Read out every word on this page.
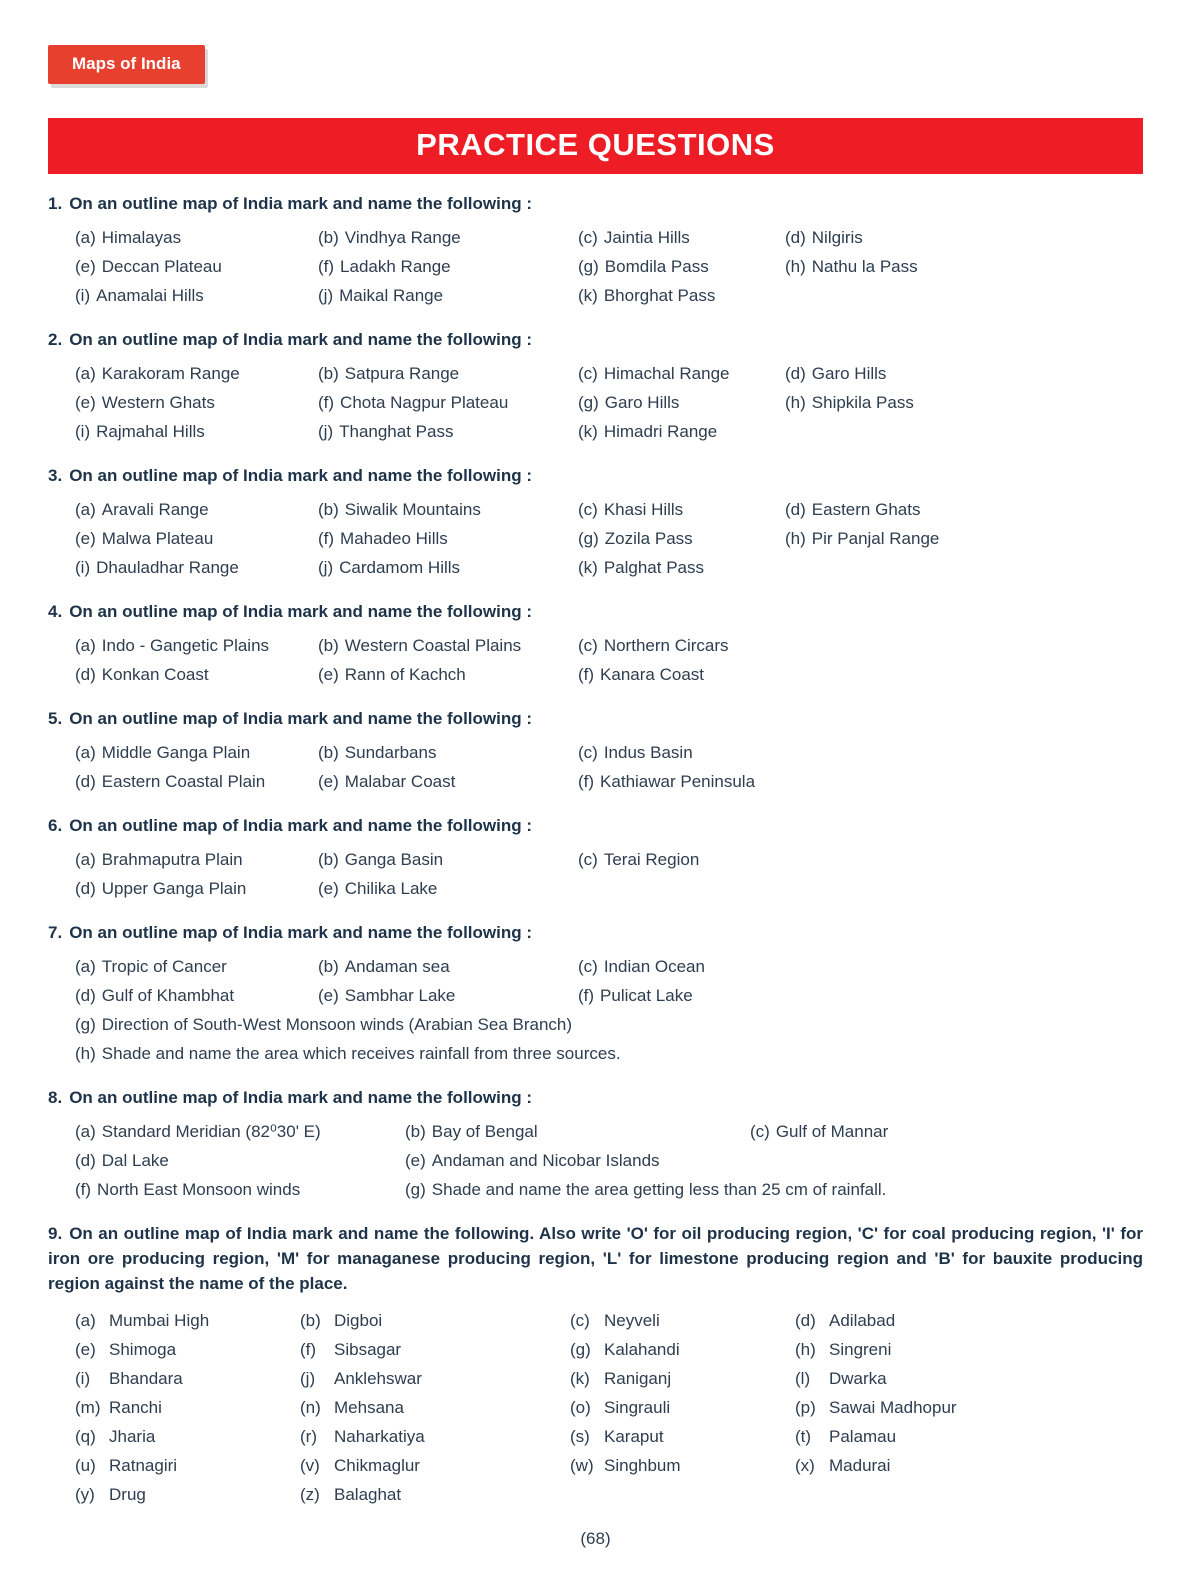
Maps of India
PRACTICE QUESTIONS
1. On an outline map of India mark and name the following :
(a) Himalayas	(b) Vindhya Range	(c) Jaintia Hills	(d) Nilgiris
(e) Deccan Plateau	(f) Ladakh Range	(g) Bomdila Pass	(h) Nathu la Pass
(i) Anamalai Hills	(j) Maikal Range	(k) Bhorghat Pass
2. On an outline map of India mark and name the following :
(a) Karakoram Range	(b) Satpura Range	(c) Himachal Range	(d) Garo Hills
(e) Western Ghats	(f) Chota Nagpur Plateau	(g) Garo Hills	(h) Shipkila Pass
(i) Rajmahal Hills	(j) Thanghat Pass	(k) Himadri Range
3. On an outline map of India mark and name the following :
(a) Aravali Range	(b) Siwalik Mountains	(c) Khasi Hills	(d) Eastern Ghats
(e) Malwa Plateau	(f) Mahadeo Hills	(g) Zozila Pass	(h) Pir Panjal Range
(i) Dhauladhar Range	(j) Cardamom Hills	(k) Palghat Pass
4. On an outline map of India mark and name the following :
(a) Indo - Gangetic Plains	(b) Western Coastal Plains	(c) Northern Circars
(d) Konkan Coast	(e) Rann of Kachch	(f) Kanara Coast
5. On an outline map of India mark and name the following :
(a) Middle Ganga Plain	(b) Sundarbans	(c) Indus Basin
(d) Eastern Coastal Plain	(e) Malabar Coast	(f) Kathiawar Peninsula
6. On an outline map of India mark and name the following :
(a) Brahmaputra Plain	(b) Ganga Basin	(c) Terai Region
(d) Upper Ganga Plain	(e) Chilika Lake
7. On an outline map of India mark and name the following :
(a) Tropic of Cancer	(b) Andaman sea	(c) Indian Ocean
(d) Gulf of Khambhat	(e) Sambhar Lake	(f) Pulicat Lake
(g) Direction of South-West Monsoon winds (Arabian Sea Branch)
(h) Shade and name the area which receives rainfall from three sources.
8. On an outline map of India mark and name the following :
(a) Standard Meridian (82⁰30' E)	(b) Bay of Bengal	(c) Gulf of Mannar
(d) Dal Lake	(e) Andaman and Nicobar Islands
(f) North East Monsoon winds	(g) Shade and name the area getting less than 25 cm of rainfall.
9. On an outline map of India mark and name the following. Also write 'O' for oil producing region, 'C' for coal producing region, 'I' for iron ore producing region, 'M' for managanese producing region, 'L' for limestone producing region and 'B' for bauxite producing region against the name of the place.
(a) Mumbai High	(b) Digboi	(c) Neyveli	(d) Adilabad
(e) Shimoga	(f) Sibsagar	(g) Kalahandi	(h) Singreni
(i) Bhandara	(j) Anklehswar	(k) Raniganj	(l) Dwarka
(m) Ranchi	(n) Mehsana	(o) Singrauli	(p) Sawai Madhopur
(q) Jharia	(r) Naharkatiya	(s) Karaput	(t) Palamau
(u) Ratnagiri	(v) Chikmaglur	(w) Singhbum	(x) Madurai
(y) Drug	(z) Balaghat
(68)
